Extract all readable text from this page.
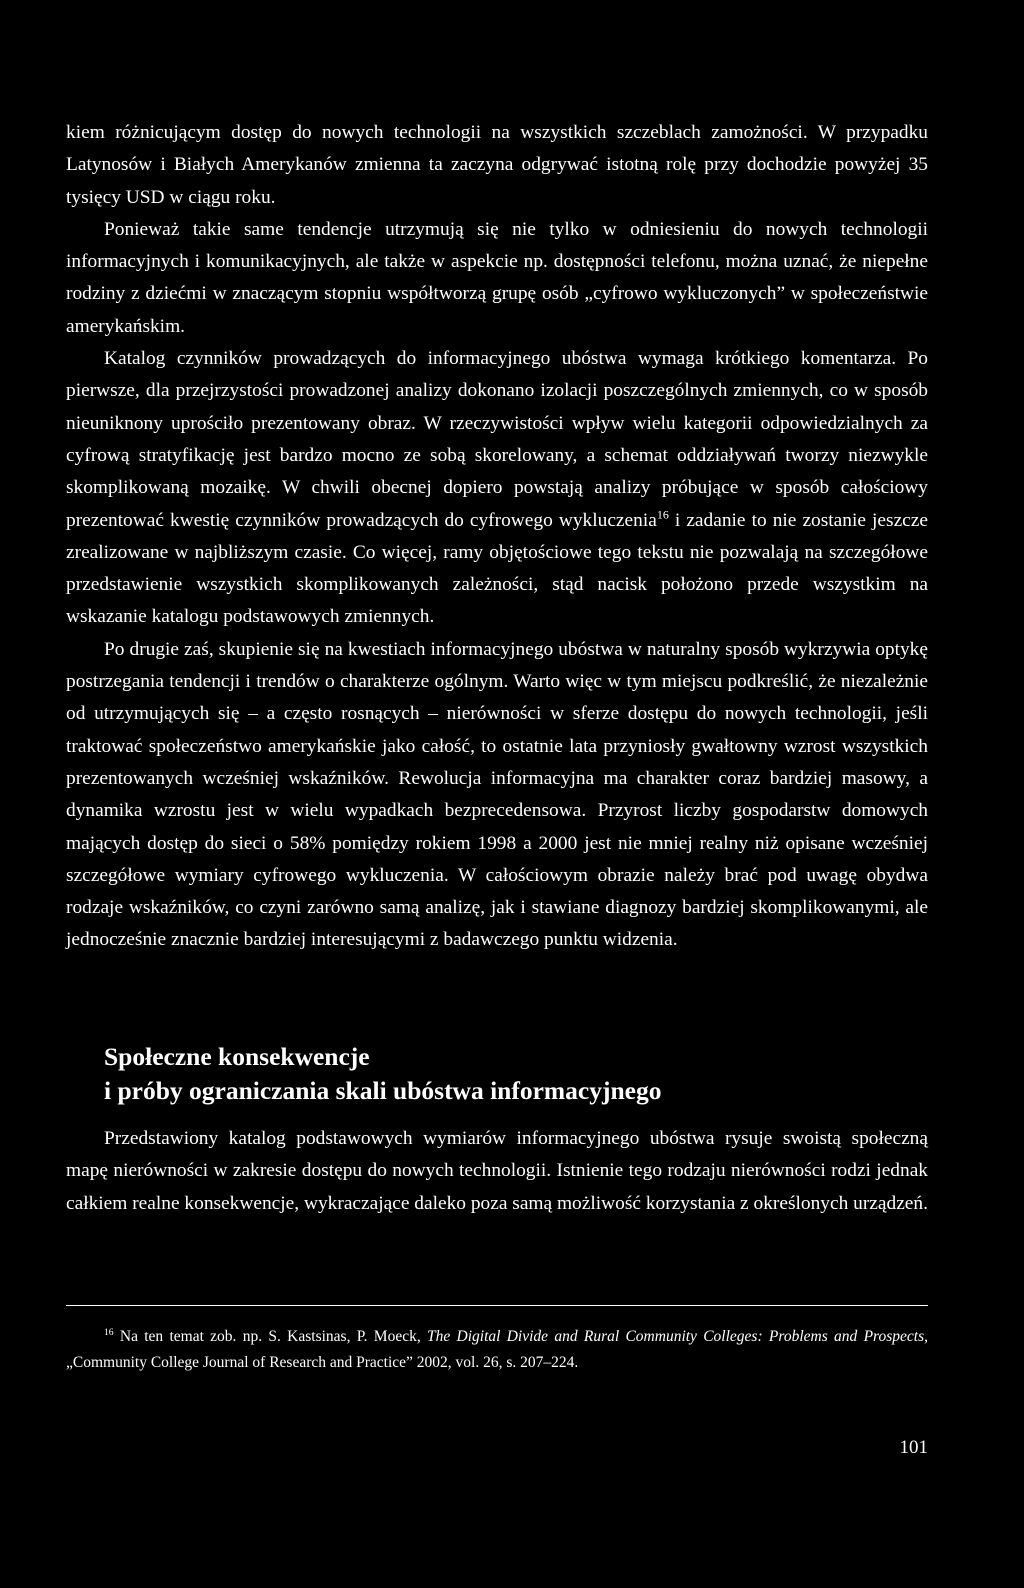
kiem różnicującym dostęp do nowych technologii na wszystkich szczeblach zamożności. W przypadku Latynosów i Białych Amerykanów zmienna ta zaczyna odgrywać istotną rolę przy dochodzie powyżej 35 tysięcy USD w ciągu roku.

Ponieważ takie same tendencje utrzymują się nie tylko w odniesieniu do nowych technologii informacyjnych i komunikacyjnych, ale także w aspekcie np. dostępności telefonu, można uznać, że niepełne rodziny z dziećmi w znaczącym stopniu współtworzą grupę osób „cyfrowo wykluczonych” w społeczeństwie amerykańskim.

Katalog czynników prowadzących do informacyjnego ubóstwa wymaga krótkiego komentarza. Po pierwsze, dla przejrzystości prowadzonej analizy dokonano izolacji poszczególnych zmiennych, co w sposób nieuniknony uprościło prezentowany obraz. W rzeczywistości wpływ wielu kategorii odpowiedzialnych za cyfrową stratyfikację jest bardzo mocno ze sobą skorelowany, a schemat oddziaływań tworzy niezwykle skomplikowaną mozaikę. W chwili obecnej dopiero powstają analizy próbujące w sposób całościowy prezentować kwestię czynników prowadzących do cyfrowego wykluczenia$^{16}$ i zadanie to nie zostanie jeszcze zrealizowane w najbliższym czasie. Co więcej, ramy objętościowe tego tekstu nie pozwalają na szczegółowe przedstawienie wszystkich skomplikowanych zależności, stąd nacisk położono przede wszystkim na wskazanie katalogu podstawowych zmiennych.

Po drugie zaś, skupienie się na kwestiach informacyjnego ubóstwa w naturalny sposób wykrzywia optykę postrzegania tendencji i trendów o charakterze ogólnym. Warto więc w tym miejscu podkreślić, że niezależnie od utrzymujących się – a często rosnących – nierówności w sferze dostępu do nowych technologii, jeśli traktować społeczeństwo amerykańskie jako całość, to ostatnie lata przyniosły gwałtowny wzrost wszystkich prezentowanych wcześniej wskaźników. Rewolucja informacyjna ma charakter coraz bardziej masowy, a dynamika wzrostu jest w wielu wypadkach bezprecedensowa. Przyrost liczby gospodarstw domowych mających dostęp do sieci o 58% pomiędzy rokiem 1998 a 2000 jest nie mniej realny niż opisane wcześniej szczegółowe wymiary cyfrowego wykluczenia. W całościowym obrazie należy brać pod uwagę obydwa rodzaje wskaźników, co czyni zarówno samą analizę, jak i stawiane diagnozy bardziej skomplikowanymi, ale jednocześnie znacznie bardziej interesującymi z badawczego punktu widzenia.

Społeczne konsekwencje

i próby ograniczania skali ubóstwa informacyjnego

Przedstawiony katalog podstawowych wymiarów informacyjnego ubóstwa rysuje swoistą społeczną mapę nierówności w zakresie dostępu do nowych technologii. Istnienie tego rodzaju nierówności rodzi jednak całkiem realne konsekwencje, wykraczające daleko poza samą możliwość korzystania z określonych urządzeń.

$^{16}$ Na ten temat zob. np. S. Kastsinas, P. Moeck, The Digital Divide and Rural Community Colleges: Problems and Prospects, „Community College Journal of Research and Practice” 2002, vol. 26, s. 207–224.

101
